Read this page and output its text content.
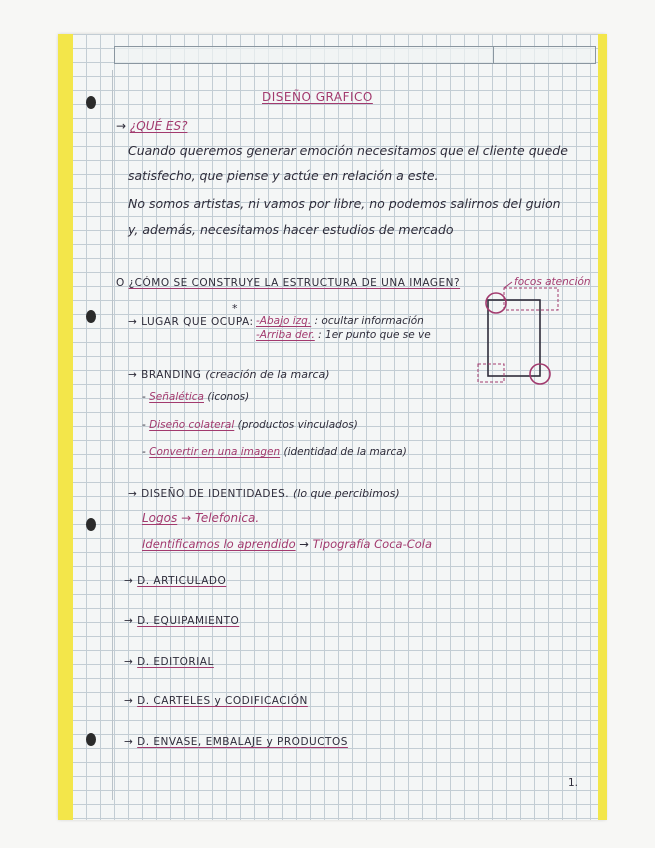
DISEÑO GRAFICO
→ ¿QUÉ ES?
Cuando queremos generar emoción necesitamos que el cliente quede
satisfecho, que piense y actúe en relación a este.
No somos artistas, ni vamos por libre, no podemos salirnos del guion
y, además, necesitamos hacer estudios de mercado
O ¿CÓMO SE CONSTRUYE LA ESTRUCTURA DE UNA IMAGEN?	focos atención
*
→ LUGAR QUE OCUPA: -Abajo izq. : ocultar información
-Arriba der. : 1er punto que se ve
→ BRANDING (creación de la marca)
- Señalética (iconos)
- Diseño colateral (productos vinculados)
- Convertir en una imagen (identidad de la marca)
→ DISEÑO DE IDENTIDADES. (lo que percibimos)
Logos → Telefonica.
Identificamos lo aprendido → Tipografía Coca-Cola
→ D. ARTICULADO
→ D. EQUIPAMIENTO
→ D. EDITORIAL
→ D. CARTELES y CODIFICACIÓN
→ D. ENVASE, EMBALAJE y PRODUCTOS
1.
